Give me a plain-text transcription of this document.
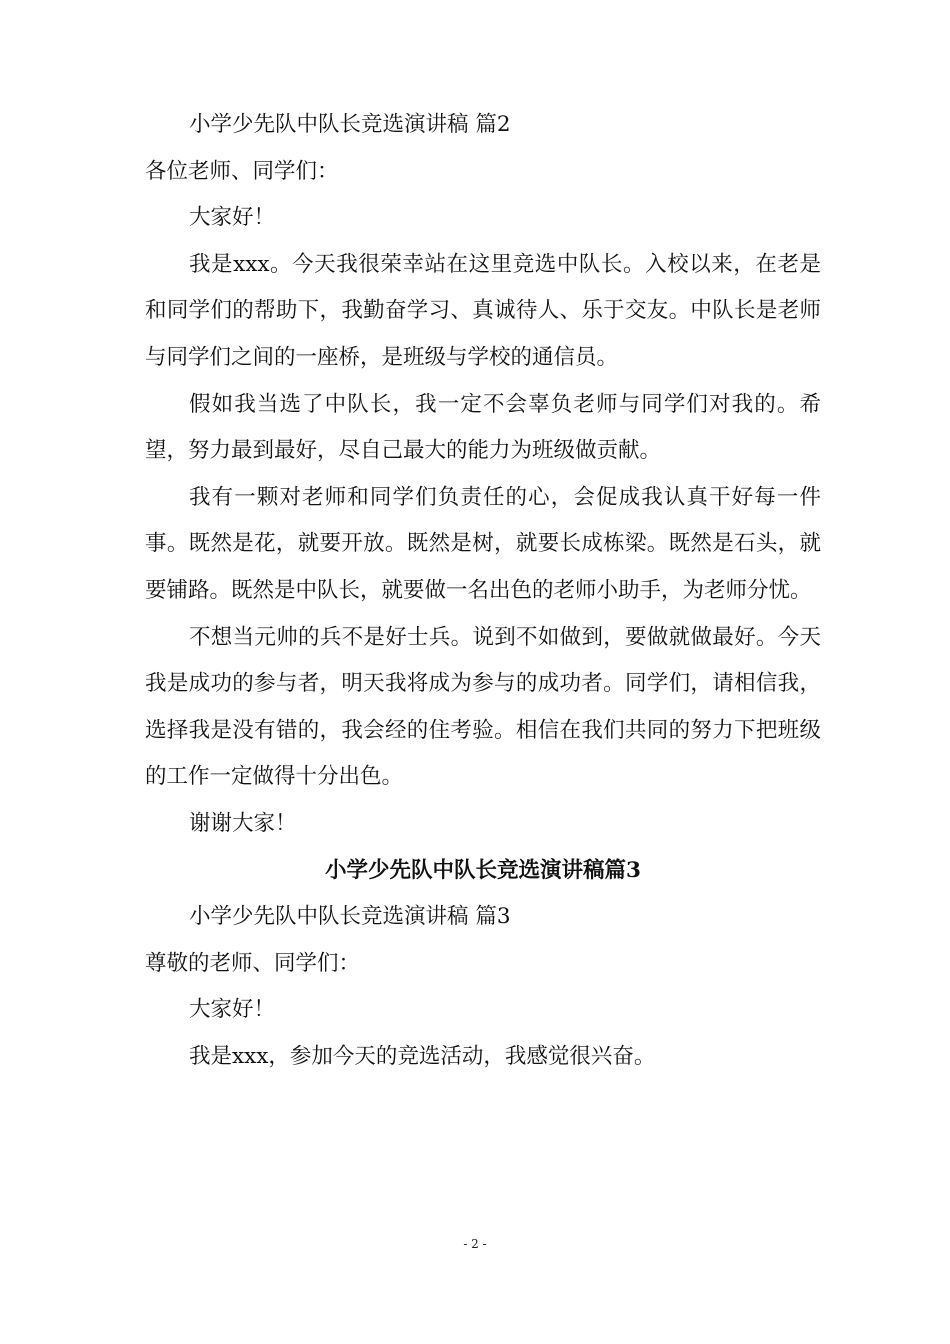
小学少先队中队长竞选演讲稿 篇2

各位老师、同学们：

大家好！

我是xxx。今天我很荣幸站在这里竞选中队长。入校以来，在老是和同学们的帮助下，我勤奋学习、真诚待人、乐于交友。中队长是老师与同学们之间的一座桥，是班级与学校的通信员。

假如我当选了中队长，我一定不会辜负老师与同学们对我的。希望，努力最到最好，尽自己最大的能力为班级做贡献。

我有一颗对老师和同学们负责任的心，会促成我认真干好每一件事。既然是花，就要开放。既然是树，就要长成栋梁。既然是石头，就要铺路。既然是中队长，就要做一名出色的老师小助手，为老师分忧。

不想当元帅的兵不是好士兵。说到不如做到，要做就做最好。今天我是成功的参与者，明天我将成为参与的成功者。同学们，请相信我，选择我是没有错的，我会经的住考验。相信在我们共同的努力下把班级的工作一定做得十分出色。

谢谢大家！

小学少先队中队长竞选演讲稿篇3

小学少先队中队长竞选演讲稿 篇3

尊敬的老师、同学们：

大家好！

我是xxx，参加今天的竞选活动，我感觉很兴奋。

- 2 -
